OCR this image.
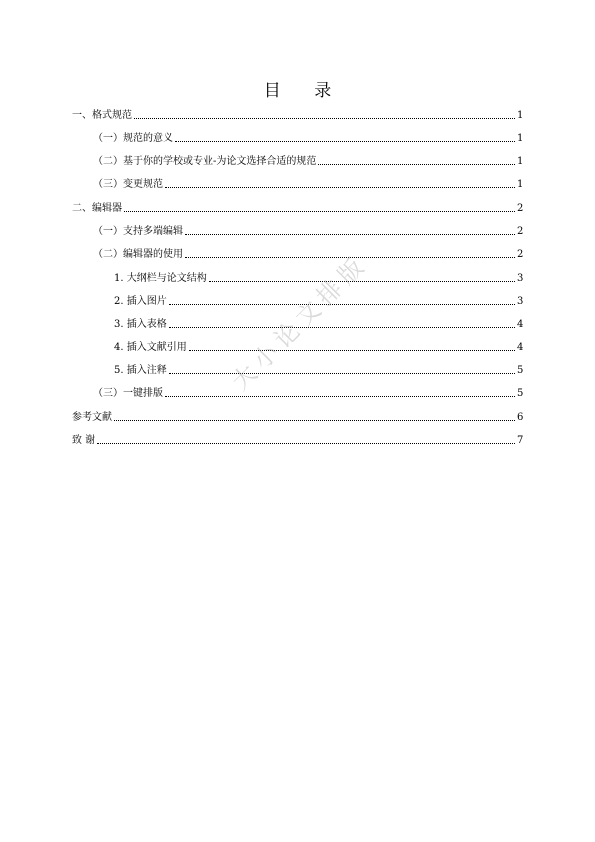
目 录
一、格式规范	1
（一）规范的意义	1
（二）基于你的学校或专业-为论文选择合适的规范	1
（三）变更规范	1
二、编辑器	2
（一）支持多端编辑	2
（二）编辑器的使用	2
1. 大纲栏与论文结构	3
2. 插入图片	3
3. 插入表格	4
4. 插入文献引用	4
5. 插入注释	5
（三）一键排版	5
参考文献	6
致 谢	7
大小论文排版
